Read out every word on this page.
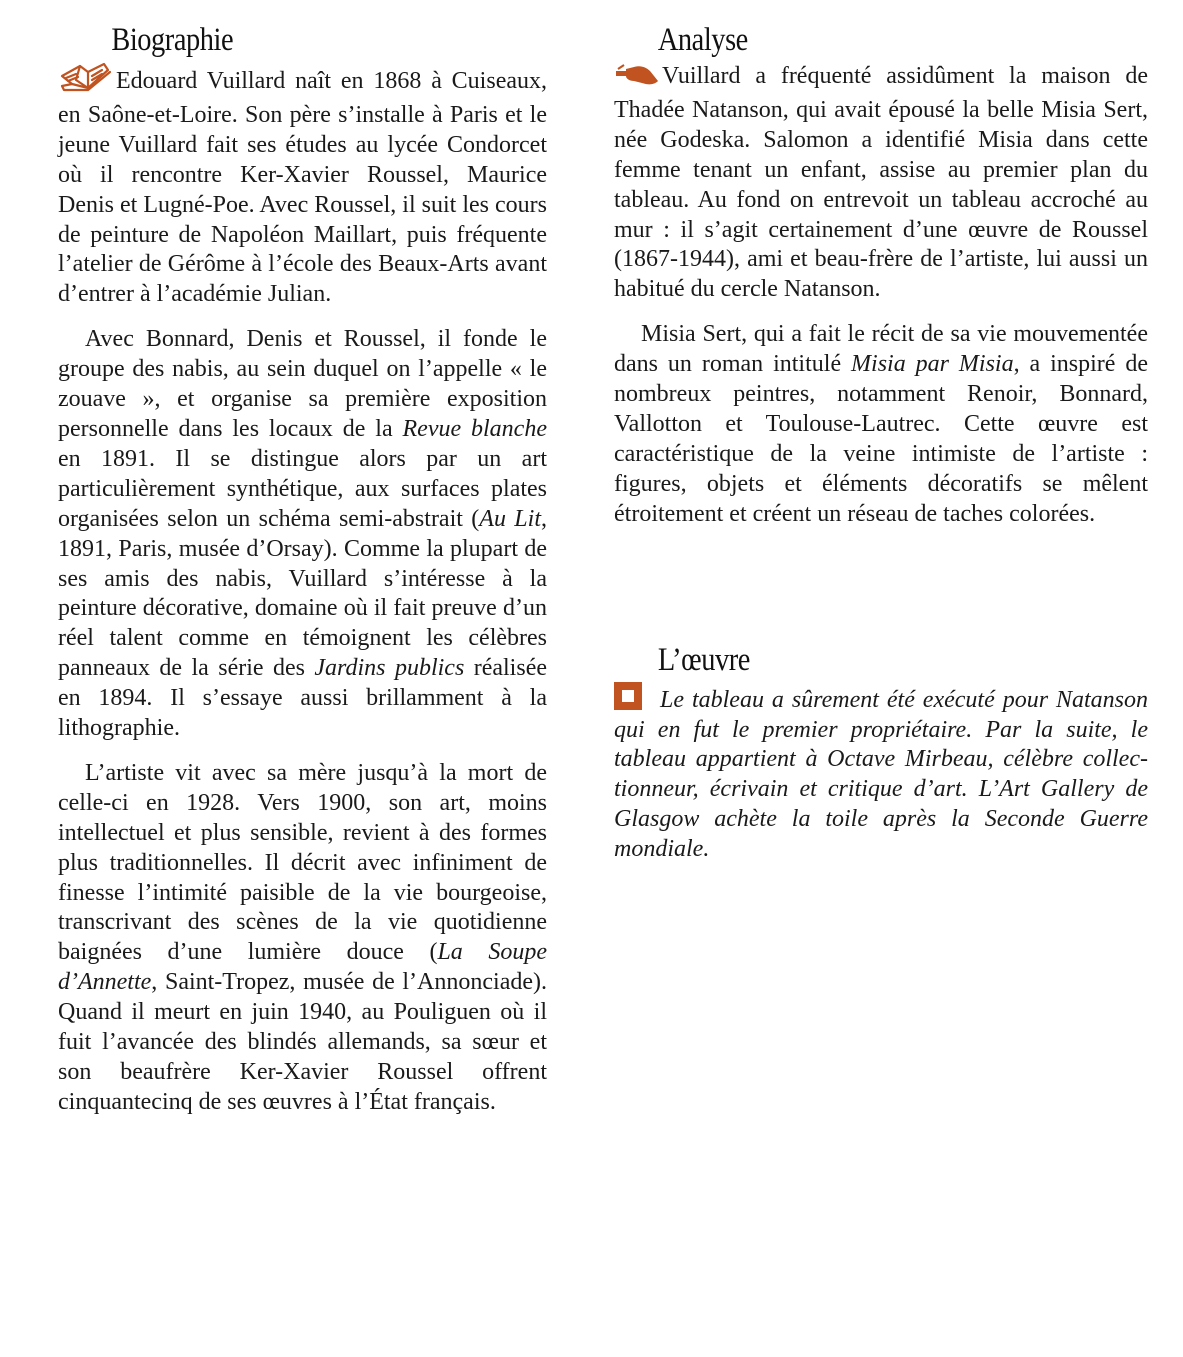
Biographie

Edouard Vuillard naît en 1868 à Cuiseaux, en Saône-et-Loire. Son père s’installe à Paris et le jeune Vuillard fait ses études au lycée Condorcet où il rencontre Ker-Xavier Roussel, Maurice Denis et Lugné-Poe. Avec Roussel, il suit les cours de peinture de Napoléon Maillart, puis fréquente l’atelier de Gérôme à l’école des Beaux-Arts avant d’entrer à l’académie Julian.

Avec Bonnard, Denis et Roussel, il fonde le groupe des nabis, au sein duquel on l’appelle « le zouave », et organise sa première exposition personnelle dans les locaux de la Revue blanche en 1891. Il se distingue alors par un art particulièrement synthétique, aux surfaces plates organisées selon un schéma semi-abstrait (Au Lit, 1891, Paris, musée d’Orsay). Comme la plupart de ses amis des nabis, Vuillard s’intéresse à la peinture décorative, domaine où il fait preuve d’un réel talent comme en témoignent les célèbres panneaux de la série des Jardins publics réalisée en 1894. Il s’essaye aussi brillamment à la lithographie.

L’artiste vit avec sa mère jusqu’à la mort de celle-ci en 1928. Vers 1900, son art, moins intellectuel et plus sensible, revient à des formes plus traditionnelles. Il décrit avec infiniment de finesse l’intimité paisible de la vie bourgeoise, transcrivant des scènes de la vie quotidienne baignées d’une lumière douce (La Soupe d’Annette, Saint-Tropez, musée de l’Annonciade). Quand il meurt en juin 1940, au Pouliguen où il fuit l’avancée des blindés allemands, sa sœur et son beaufrère Ker-Xavier Roussel offrent cinquantecinq de ses œuvres à l’État français.

Analyse

Vuillard a fréquenté assidûment la maison de Thadée Natanson, qui avait épousé la belle Misia Sert, née Godeska. Salomon a identifié Misia dans cette femme tenant un enfant, assise au premier plan du tableau. Au fond on entrevoit un tableau accroché au mur : il s’agit certainement d’une œuvre de Roussel (1867-1944), ami et beau-frère de l’artiste, lui aussi un habitué du cercle Natanson.

Misia Sert, qui a fait le récit de sa vie mouvementée dans un roman intitulé Misia par Misia, a inspiré de nombreux peintres, notamment Renoir, Bonnard, Vallotton et Toulouse-Lautrec. Cette œuvre est caractéristique de la veine intimiste de l’artiste : figures, objets et éléments décoratifs se mêlent étroitement et créent un réseau de taches colorées.

L’œuvre

Le tableau a sûrement été exécuté pour Natanson qui en fut le premier propriétaire. Par la suite, le tableau appartient à Octave Mirbeau, célèbre collectionneur, écrivain et critique d’art. L’Art Gallery de Glasgow achète la toile après la Seconde Guerre mondiale.
